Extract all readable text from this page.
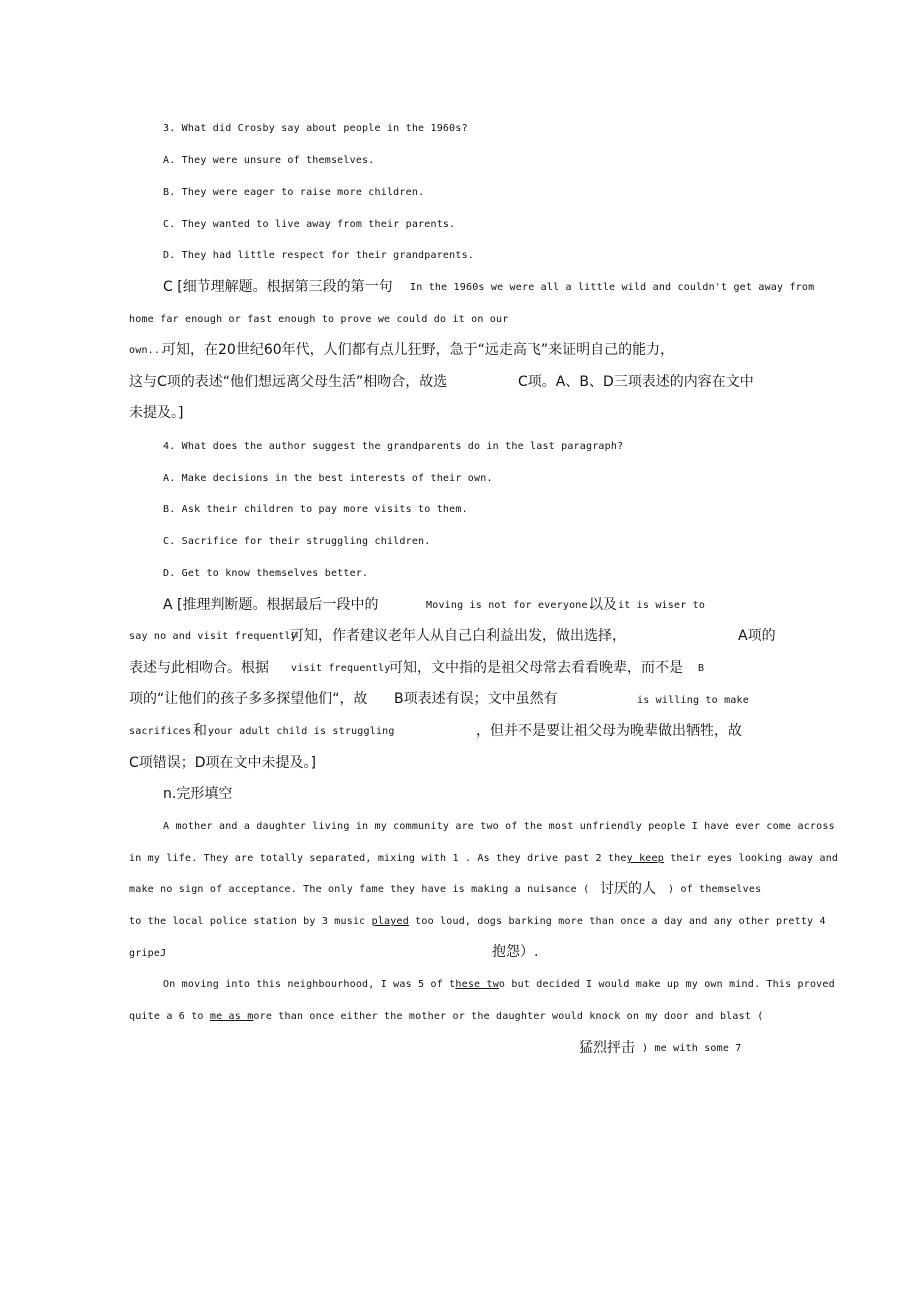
3. What did Crosby say about people in the 1960s?
A. They were unsure of themselves.
B. They were eager to raise more children.
C. They wanted to live away from their parents.
D. They had little respect for their grandparents.
C [细节理解题。根据第三段的第一句 In the 1960s we were all a little wild and couldn't get away from
home far enough or fast enough to prove we could do it on our
own...
可知，在20世纪60年代，人们都有点儿狂野，急于“远走高飞”来证明自己的能力，
这与C项的表述“他们想远离父母生活”相吻合，故选	C项。A、B、D三项表述的内容在文中
未提及。]
4. What does the author suggest the grandparents do in the last paragraph?
A. Make decisions in the best interests of their own.
B. Ask their children to pay more visits to them.
C. Sacrifice for their struggling children.
D. Get to know themselves better.
A [推理判断题。根据最后一段中的	Moving is not for everyone.
以及 it is wiser to
say no and visit frequently
可知，作者建议老年人从自己白利益出发，做出选择，	A项的
表述与此相吻合。根据 visit frequently
可知，文中指的是祖父母常去看看晚辈，而不是 B
项的“让他们的孩子多多探望他们“，故 B项表述有误；文中虽然有	is willing to make
sacrifices 和 your adult child is struggling	，但并不是要让祖父母为晚辈做出牺牲，故
C项错误；D项在文中未提及。]
n.完形填空
A mother and a daughter living in my community are two of the most unfriendly people I have ever come across
in my life. They are totally separated, mixing with 1 . As they drive past 2 they keep their eyes looking away and
make no sign of acceptance. The only fame they have is making a nuisance ( 讨厌的人 ) of themselves
to the local police station by 3 music played too loud, dogs barking more than once a day and any other pretty 4
gripeJ	抱怨）.
On moving into this neighbourhood, I was 5 of these two but decided I would make up my own mind. This proved
quite a 6 to me as more than once either the mother or the daughter would knock on my door and blast (
猛烈抨击 ) me with some 7
